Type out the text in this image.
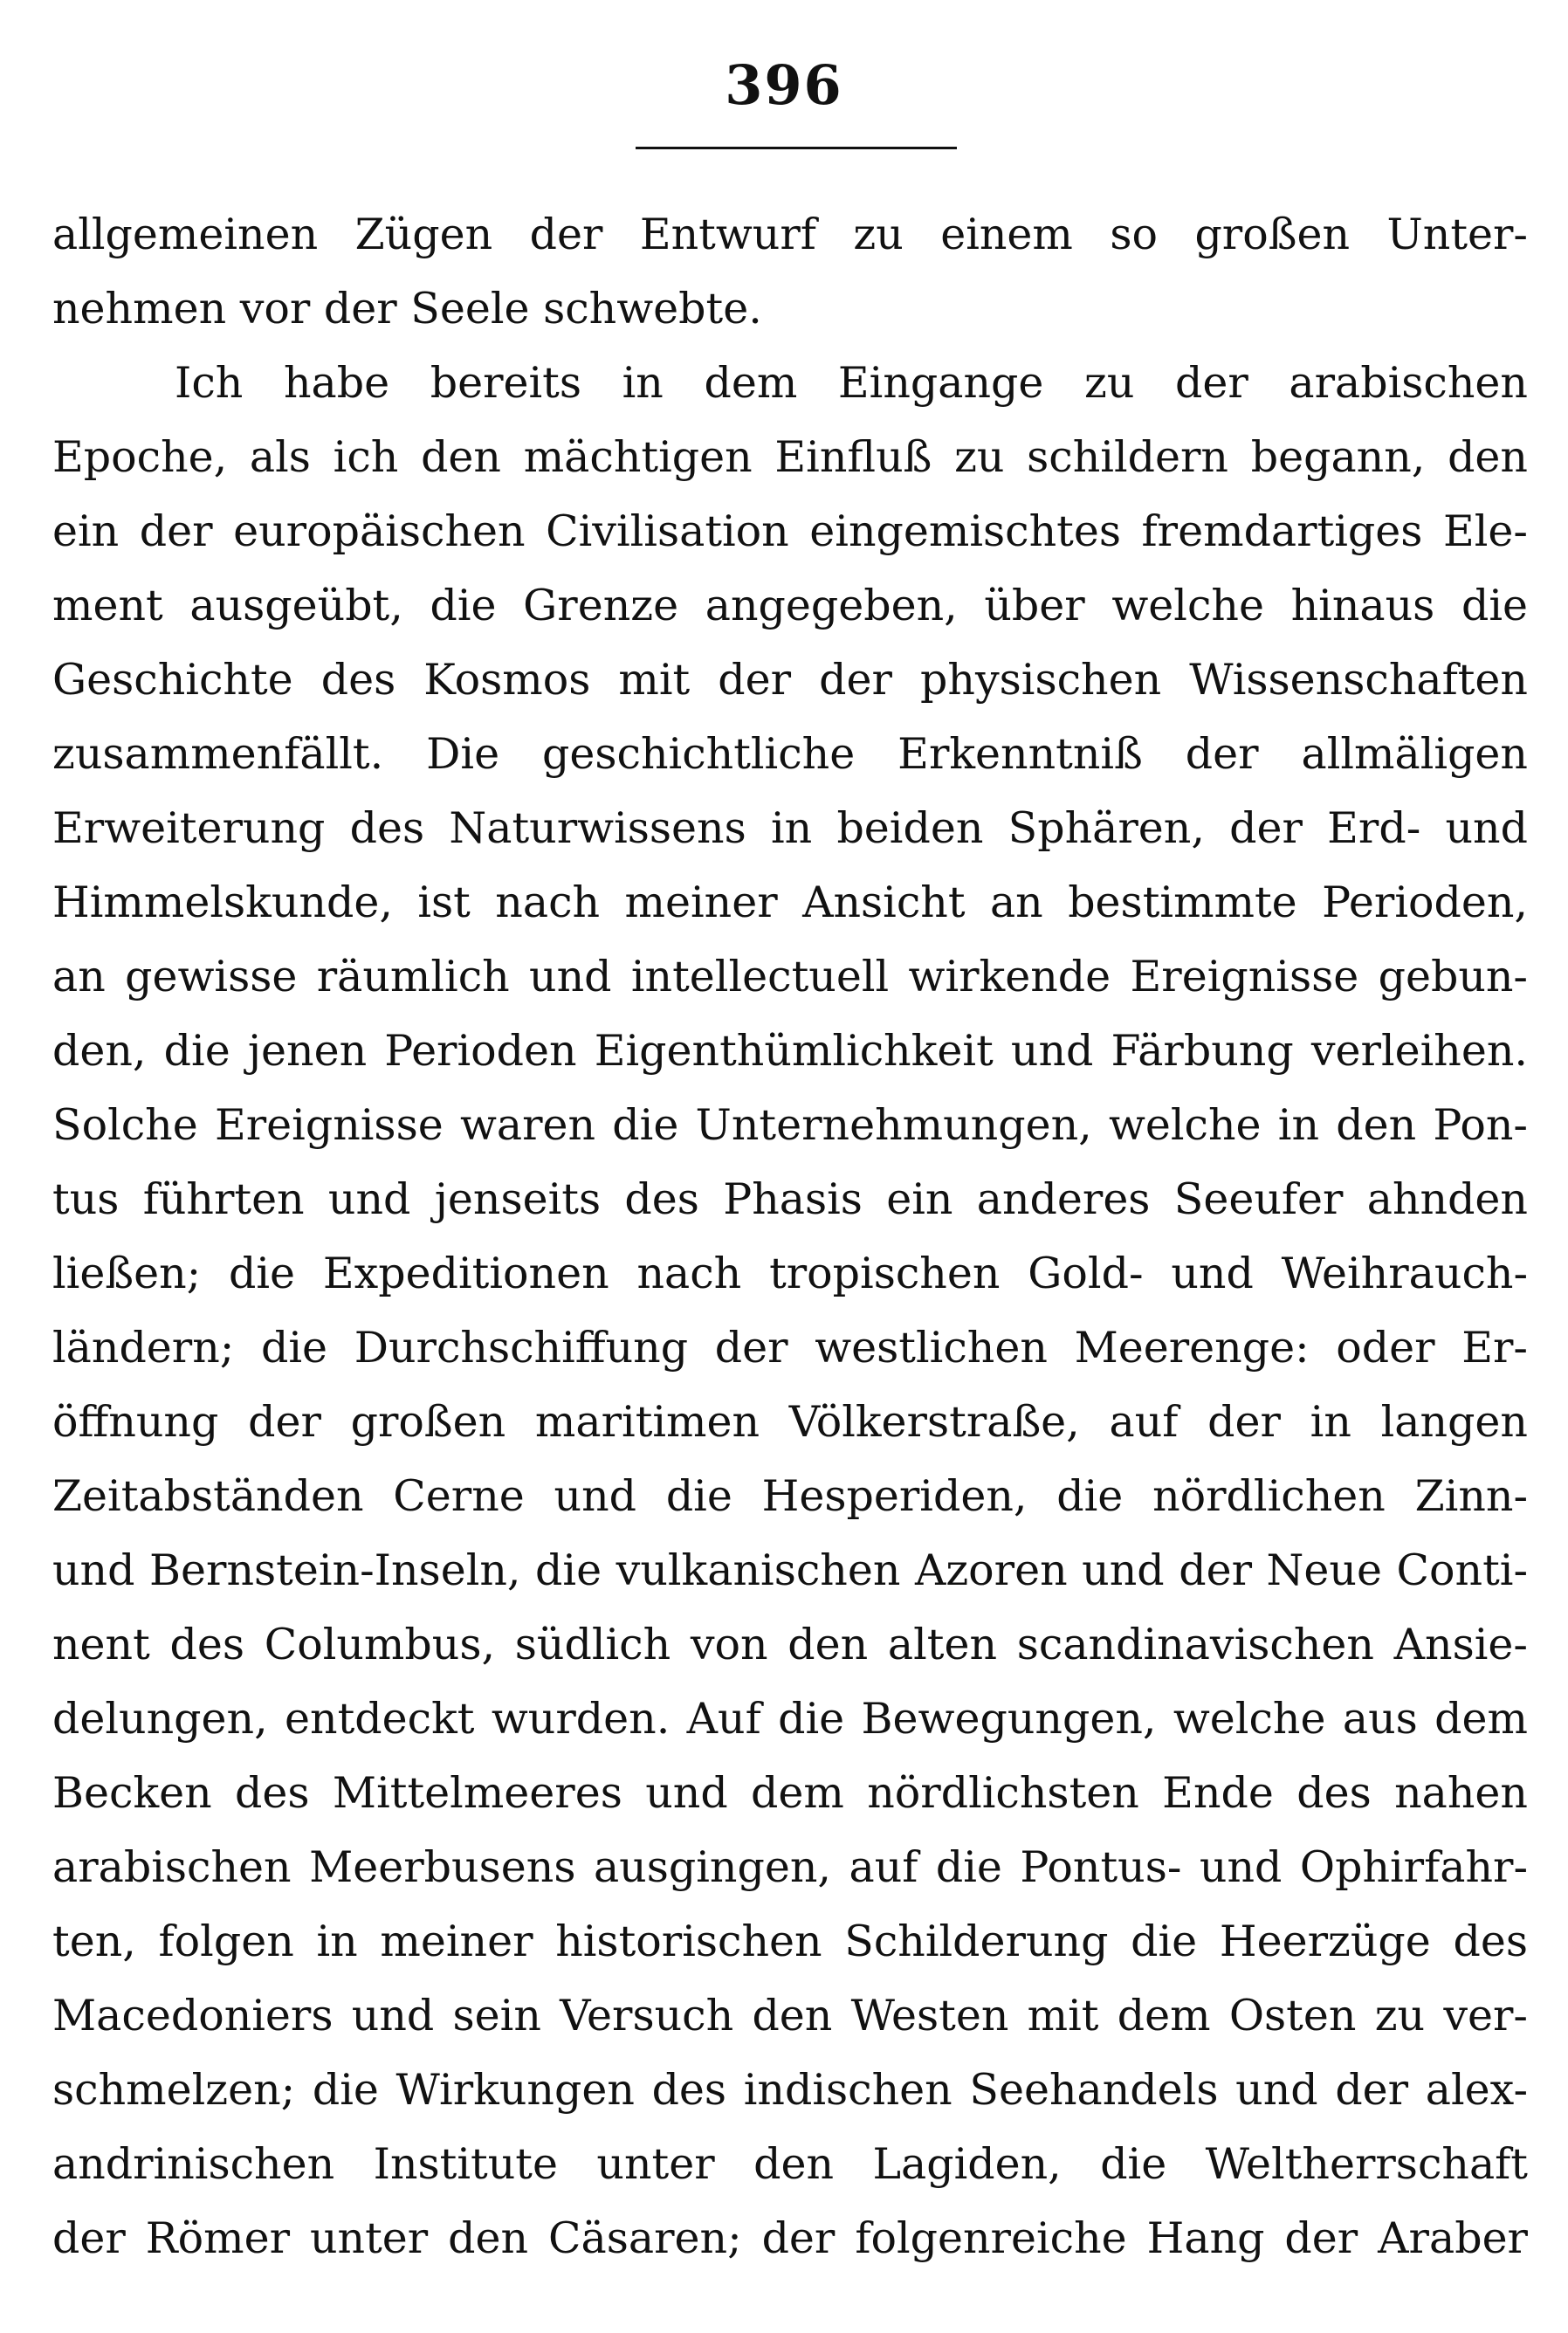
396
allgemeinen Zügen der Entwurf zu einem so großen Unter-
nehmen vor der Seele schwebte.
Ich habe bereits in dem Eingange zu der arabischen
Epoche, als ich den mächtigen Einfluß zu schildern begann, den
ein der europäischen Civilisation eingemischtes fremdartiges Ele-
ment ausgeübt, die Grenze angegeben, über welche hinaus die
Geschichte des Kosmos mit der der physischen Wissenschaften
zusammenfällt. Die geschichtliche Erkenntniß der allmäligen
Erweiterung des Naturwissens in beiden Sphären, der Erd- und
Himmelskunde, ist nach meiner Ansicht an bestimmte Perioden,
an gewisse räumlich und intellectuell wirkende Ereignisse gebun-
den, die jenen Perioden Eigenthümlichkeit und Färbung verleihen.
Solche Ereignisse waren die Unternehmungen, welche in den Pon-
tus führten und jenseits des Phasis ein anderes Seeufer ahnden
ließen; die Expeditionen nach tropischen Gold- und Weihrauch-
ländern; die Durchschiffung der westlichen Meerenge: oder Er-
öffnung der großen maritimen Völkerstraße, auf der in langen
Zeitabständen Cerne und die Hesperiden, die nördlichen Zinn-
und Bernstein-Inseln, die vulkanischen Azoren und der Neue Conti-
nent des Columbus, südlich von den alten scandinavischen Ansie-
delungen, entdeckt wurden. Auf die Bewegungen, welche aus dem
Becken des Mittelmeeres und dem nördlichsten Ende des nahen
arabischen Meerbusens ausgingen, auf die Pontus- und Ophirfahr-
ten, folgen in meiner historischen Schilderung die Heerzüge des
Macedoniers und sein Versuch den Westen mit dem Osten zu ver-
schmelzen; die Wirkungen des indischen Seehandels und der alex-
andrinischen Institute unter den Lagiden, die Weltherrschaft
der Römer unter den Cäsaren; der folgenreiche Hang der Araber
